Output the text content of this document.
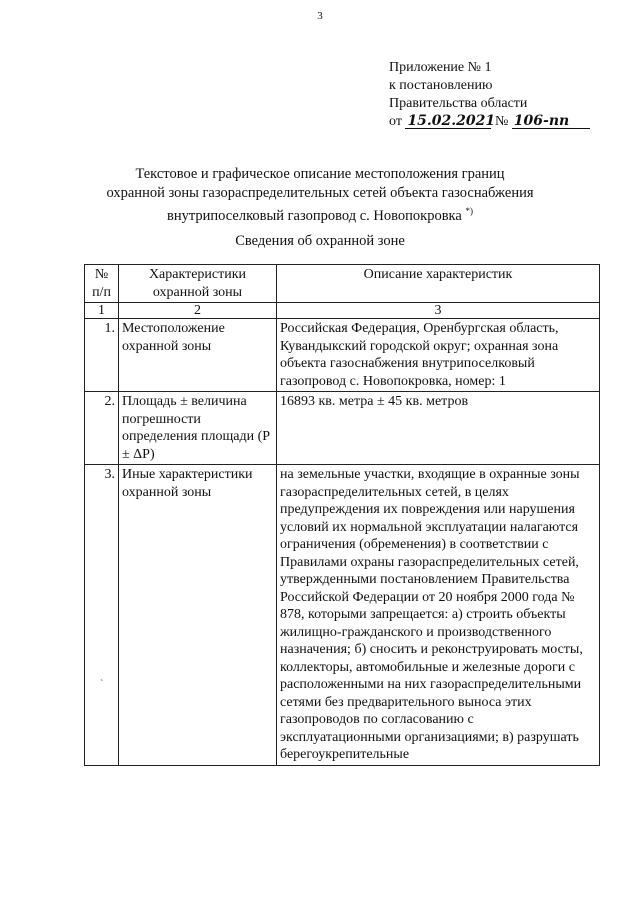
3
Приложение № 1
к постановлению
Правительства области
от 15.02.2021 № 106-пп
Текстовое и графическое описание местоположения границ
охранной зоны газораспределительных сетей объекта газоснабжения
внутрипоселковый газопровод с. Новопокровка *)
Сведения об охранной зоне
№ п/п	Характеристики охранной зоны	Описание характеристик
1	2	3
1.	Местоположение охранной зоны	Российская Федерация, Оренбургская область, Кувандыкский городской округ; охранная зона объекта газоснабжения внутрипоселковый газопровод с. Новопокровка, номер: 1
2.	Площадь ± величина погрешности определения площади (Р ± ΔР)	16893 кв. метра ± 45 кв. метров
3.	Иные характеристики охранной зоны	на земельные участки, входящие в охранные зоны газораспределительных сетей, в целях предупреждения их повреждения или нарушения условий их нормальной эксплуатации налагаются ограничения (обременения) в соответствии с Правилами охраны газораспределительных сетей, утвержденными постановлением Правительства Российской Федерации от 20 ноября 2000 года № 878, которыми запрещается: а) строить объекты жилищно-гражданского и производственного назначения; б) сносить и реконструировать мосты, коллекторы, автомобильные и железные дороги с расположенными на них газораспределительными сетями без предварительного выноса этих газопроводов по согласованию с эксплуатационными организациями; в) разрушать берегоукрепительные
`
